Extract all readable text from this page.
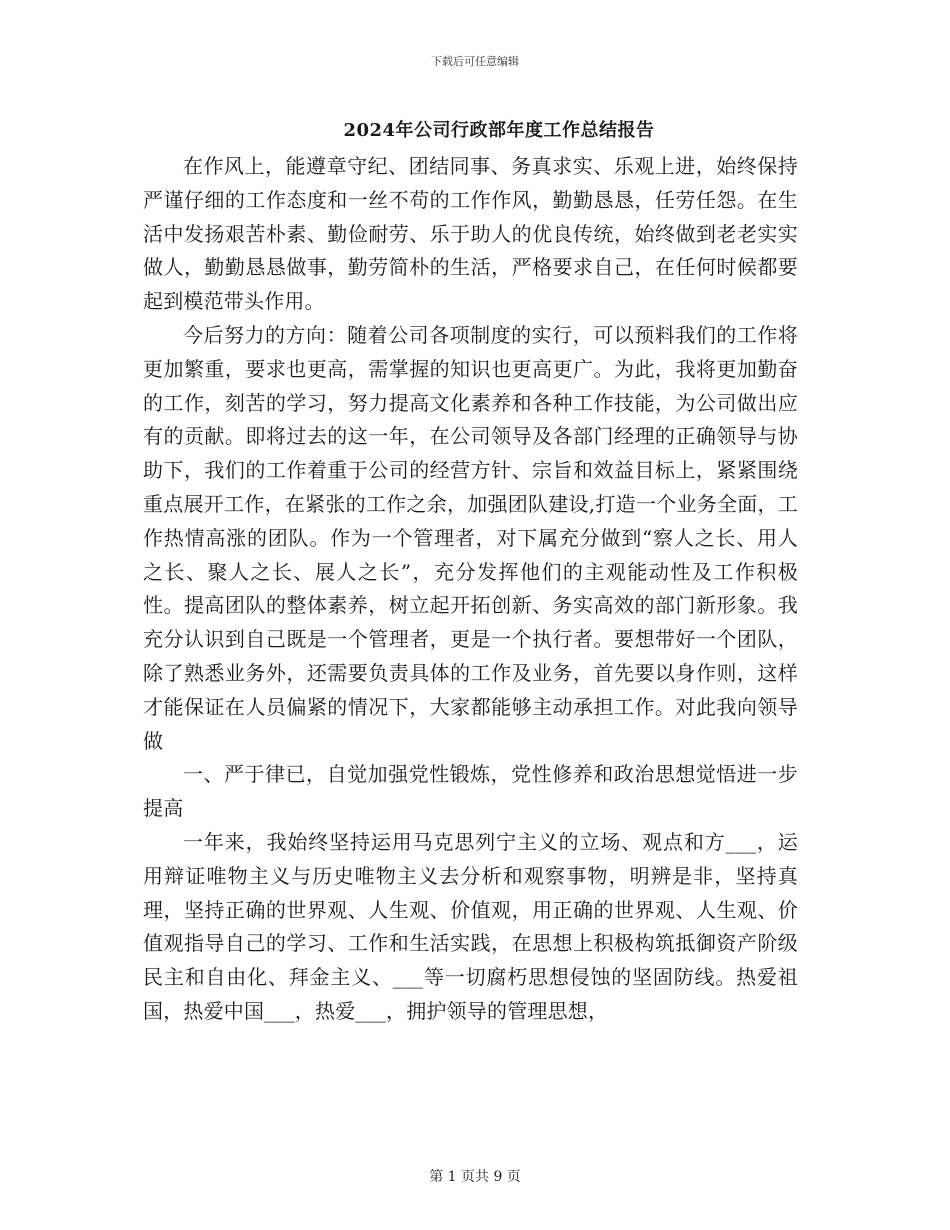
下载后可任意编辑
2024年公司行政部年度工作总结报告

在作风上，能遵章守纪、团结同事、务真求实、乐观上进，始终保持严谨仔细的工作态度和一丝不苟的工作作风，勤勤恳恳，任劳任怨。在生活中发扬艰苦朴素、勤俭耐劳、乐于助人的优良传统，始终做到老老实实做人，勤勤恳恳做事，勤劳简朴的生活，严格要求自己，在任何时候都要起到模范带头作用。

今后努力的方向：随着公司各项制度的实行，可以预料我们的工作将更加繁重，要求也更高，需掌握的知识也更高更广。为此，我将更加勤奋的工作，刻苦的学习，努力提高文化素养和各种工作技能，为公司做出应有的贡献。即将过去的这一年，在公司领导及各部门经理的正确领导与协助下，我们的工作着重于公司的经营方针、宗旨和效益目标上，紧紧围绕重点展开工作，在紧张的工作之余，加强团队建设,打造一个业务全面，工作热情高涨的团队。作为一个管理者，对下属充分做到“察人之长、用人之长、聚人之长、展人之长”，充分发挥他们的主观能动性及工作积极性。提高团队的整体素养，树立起开拓创新、务实高效的部门新形象。我充分认识到自己既是一个管理者，更是一个执行者。要想带好一个团队，除了熟悉业务外，还需要负责具体的工作及业务，首先要以身作则，这样才能保证在人员偏紧的情况下，大家都能够主动承担工作。对此我向领导做

一、严于律已，自觉加强党性锻炼，党性修养和政治思想觉悟进一步提高

一年来，我始终坚持运用马克思列宁主义的立场、观点和方___，运用辩证唯物主义与历史唯物主义去分析和观察事物，明辨是非，坚持真理，坚持正确的世界观、人生观、价值观，用正确的世界观、人生观、价值观指导自己的学习、工作和生活实践，在思想上积极构筑抵御资产阶级民主和自由化、拜金主义、___等一切腐朽思想侵蚀的坚固防线。热爱祖国，热爱中国___，热爱___，拥护领导的管理思想，

第 1 页共 9 页
